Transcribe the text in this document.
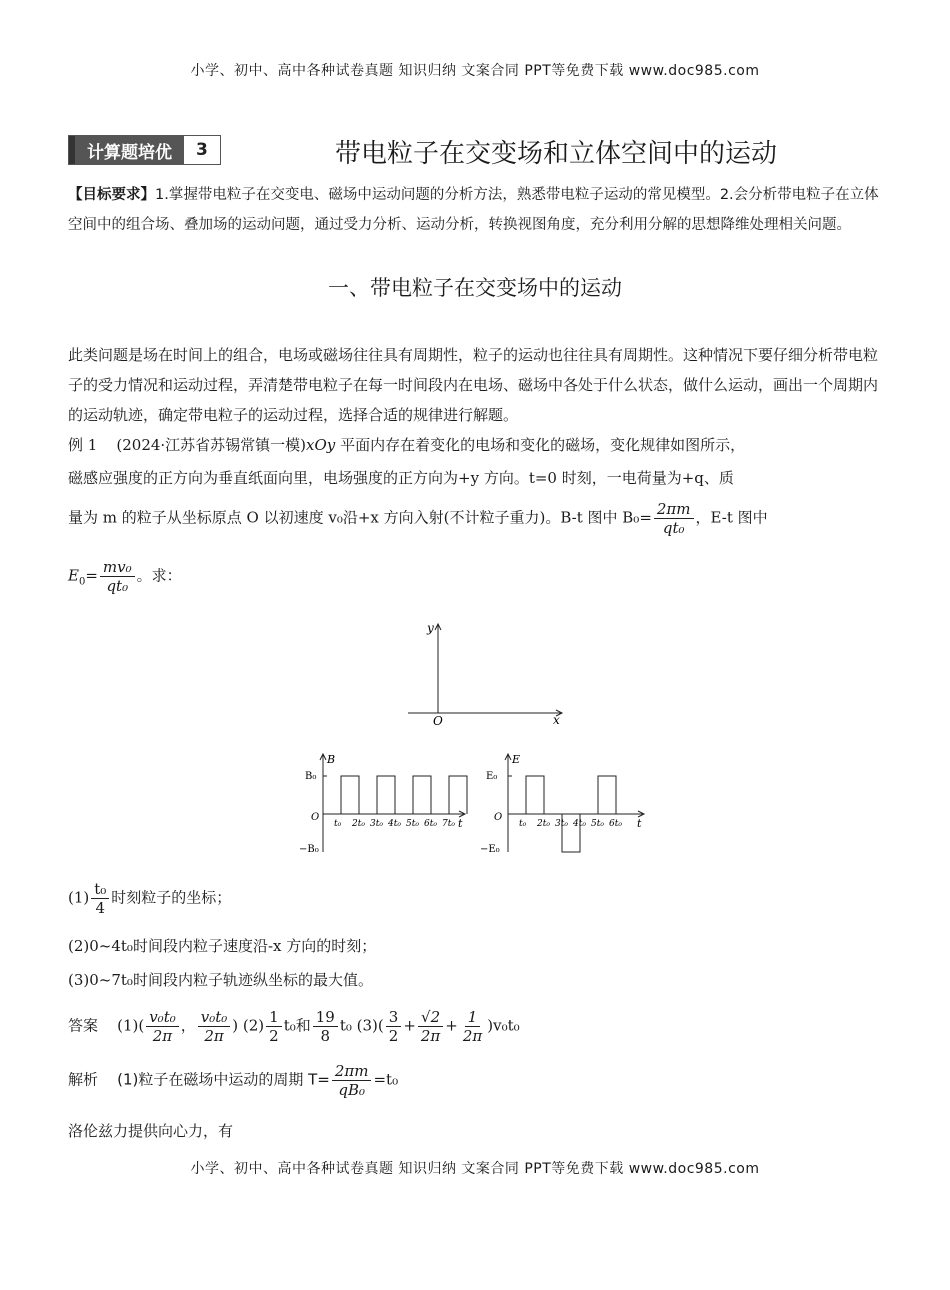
小学、初中、高中各种试卷真题 知识归纳 文案合同 PPT等免费下载 www.doc985.com
计算题培优	3	带电粒子在交变场和立体空间中的运动
【目标要求】1.掌握带电粒子在交变电、磁场中运动问题的分析方法，熟悉带电粒子运动的常见模型。2.会分析带电粒子在立体空间中的组合场、叠加场的运动问题，通过受力分析、运动分析，转换视图角度，充分利用分解的思想降维处理相关问题。
一、带电粒子在交变场中的运动
此类问题是场在时间上的组合，电场或磁场往往具有周期性，粒子的运动也往往具有周期性。这种情况下要仔细分析带电粒子的受力情况和运动过程，弄清楚带电粒子在每一时间段内在电场、磁场中各处于什么状态，做什么运动，画出一个周期内的运动轨迹，确定带电粒子的运动过程，选择合适的规律进行解题。
例 1 (2024·江苏省苏锡常镇一模)xOy 平面内存在着变化的电场和变化的磁场，变化规律如图所示，
磁感应强度的正方向为垂直纸面向里，电场强度的正方向为+y 方向。t=0 时刻，一电荷量为+q、质
量为 m 的粒子从坐标原点 O 以初速度 v₀沿+x 方向入射(不计粒子重力)。B-t 图中 $B_0= \frac{2\pi m}{\text{qt₀}}$ ，E-t 图中
$E_0= \frac{\text{mv₀}}{\text{qt₀}}$ 。求：
y
x
O
B
t
B₀
−B₀
O
t₀ 2t₀ 3t₀ 4t₀ 5t₀ 6t₀ 7t₀
E
t
E₀
−E₀
O
t₀ 2t₀ 3t₀ 4t₀ 5t₀ 6t₀
$(1) \frac{\text{t₀}}{4}$ 时刻粒子的坐标；
(2)0~4t₀时间段内粒子速度沿-x 方向的时刻；
(3)0~7t₀时间段内粒子轨迹纵坐标的最大值。
答案 $(1)( \frac{\text{v₀t₀}}{2\pi}$ ， $\frac{\text{v₀t₀}}{2\pi}$ ) $(2) \frac{1}{2} t_0$和 $\frac{19}{8} t_0$ $(3)( \frac{3}{2} + \frac{√2}{2\pi} + \frac{1}{2\pi} )v_0t_0$
解析 (1)粒子在磁场中运动的周期 $T= \frac{2\pi m}{\text{qB₀}} =t_0$
洛伦兹力提供向心力，有
小学、初中、高中各种试卷真题 知识归纳 文案合同 PPT等免费下载 www.doc985.com
